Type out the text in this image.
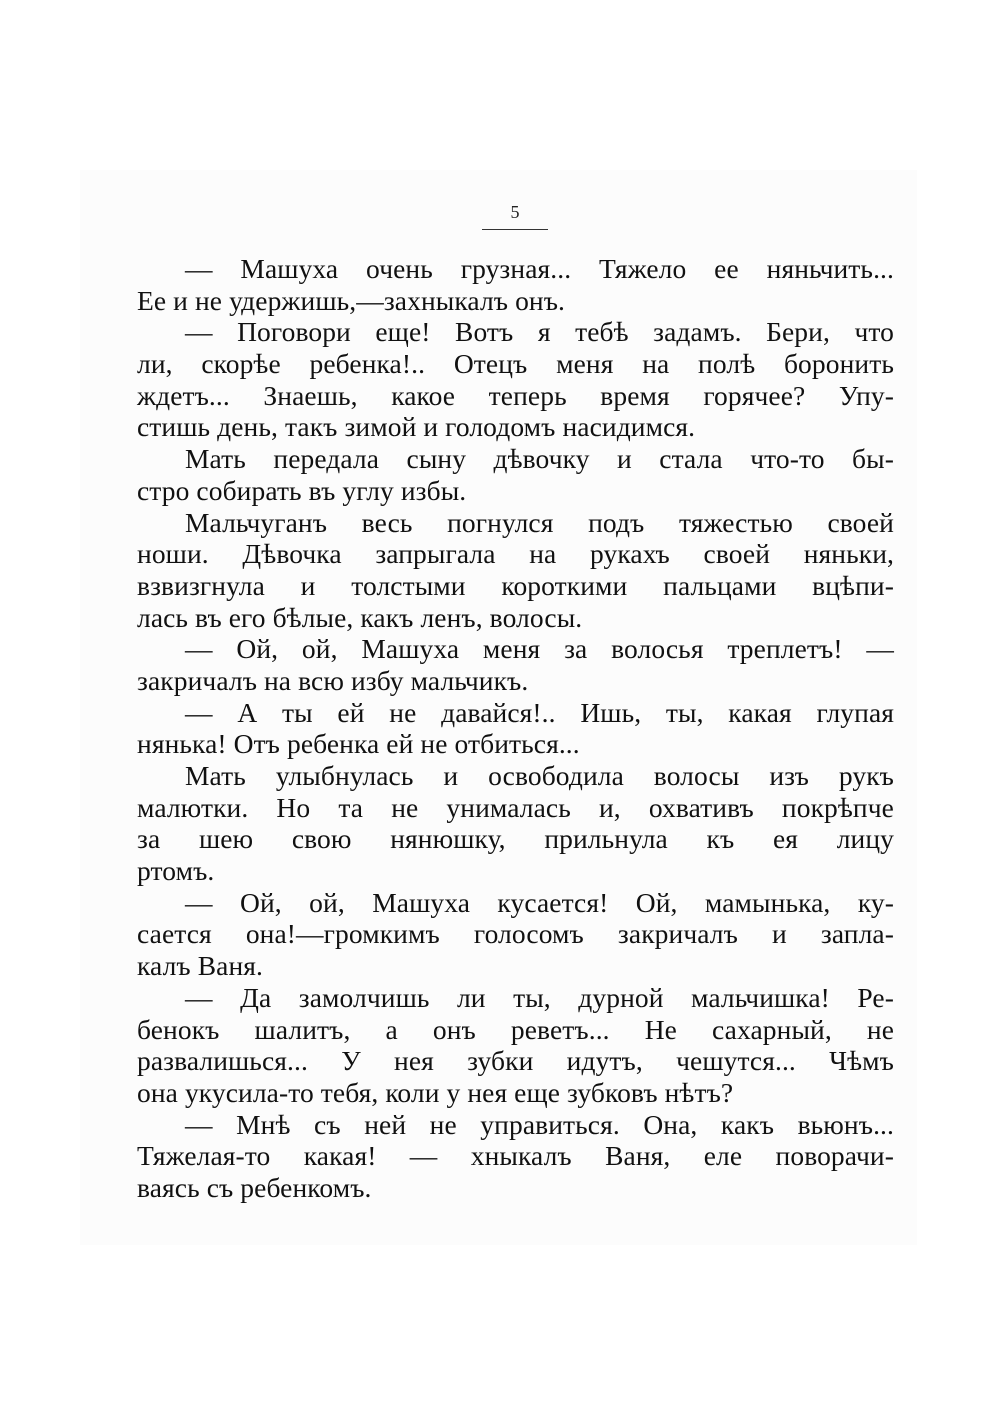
5
— Машуха очень грузная... Тяжело ее няньчить...
Ее и не удержишь,—захныкалъ онъ.
— Поговори еще! Вотъ я тебѣ задамъ. Бери, что
ли, скорѣе ребенка!.. Отецъ меня на полѣ боронить
ждетъ... Знаешь, какое теперь время горячее? Упу-
стишь день, такъ зимой и голодомъ насидимся.
Мать передала сыну дѣвочку и стала что-то бы-
стро собирать въ углу избы.
Мальчуганъ весь погнулся подъ тяжестью своей
ноши. Дѣвочка запрыгала на рукахъ своей няньки,
взвизгнула и толстыми короткими пальцами вцѣпи-
лась въ его бѣлые, какъ ленъ, волосы.
— Ой, ой, Машуха меня за волосья треплетъ! —
закричалъ на всю избу мальчикъ.
— А ты ей не давайся!.. Ишь, ты, какая глупая
нянька! Отъ ребенка ей не отбиться...
Мать улыбнулась и освободила волосы изъ рукъ
малютки. Но та не унималась и, охвативъ покрѣпче
за шею свою нянюшку, прильнула къ ея лицу
ртомъ.
— Ой, ой, Машуха кусается! Ой, мамынька, ку-
сается она!—громкимъ голосомъ закричалъ и запла-
калъ Ваня.
— Да замолчишь ли ты, дурной мальчишка! Ре-
бенокъ шалитъ, а онъ реветъ... Не сахарный, не
развалишься... У нея зубки идутъ, чешутся... Чѣмъ
она укусила-то тебя, коли у нея еще зубковъ нѣтъ?
— Мнѣ съ ней не управиться. Она, какъ вьюнъ...
Тяжелая-то какая! — хныкалъ Ваня, еле поворачи-
ваясь съ ребенкомъ.
